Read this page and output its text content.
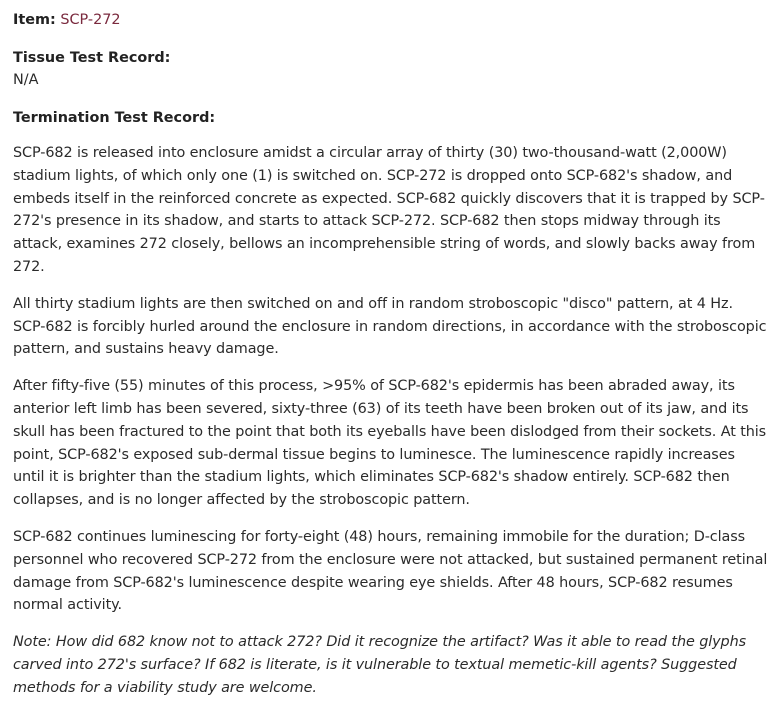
Item: SCP-272

Tissue Test Record:

N/A

Termination Test Record:

SCP-682 is released into enclosure amidst a circular array of thirty (30) two-thousand-watt (2,000W) stadium lights, of which only one (1) is switched on. SCP-272 is dropped onto SCP-682's shadow, and embeds itself in the reinforced concrete as expected. SCP-682 quickly discovers that it is trapped by SCP-272's presence in its shadow, and starts to attack SCP-272. SCP-682 then stops midway through its attack, examines 272 closely, bellows an incomprehensible string of words, and slowly backs away from 272.

All thirty stadium lights are then switched on and off in random stroboscopic "disco" pattern, at 4 Hz. SCP-682 is forcibly hurled around the enclosure in random directions, in accordance with the stroboscopic pattern, and sustains heavy damage.

After fifty-five (55) minutes of this process, >95% of SCP-682's epidermis has been abraded away, its anterior left limb has been severed, sixty-three (63) of its teeth have been broken out of its jaw, and its skull has been fractured to the point that both its eyeballs have been dislodged from their sockets. At this point, SCP-682's exposed sub-dermal tissue begins to luminesce. The luminescence rapidly increases until it is brighter than the stadium lights, which eliminates SCP-682's shadow entirely. SCP-682 then collapses, and is no longer affected by the stroboscopic pattern.

SCP-682 continues luminescing for forty-eight (48) hours, remaining immobile for the duration; D-class personnel who recovered SCP-272 from the enclosure were not attacked, but sustained permanent retinal damage from SCP-682's luminescence despite wearing eye shields. After 48 hours, SCP-682 resumes normal activity.

Note: How did 682 know not to attack 272? Did it recognize the artifact? Was it able to read the glyphs carved into 272's surface? If 682 is literate, is it vulnerable to textual memetic-kill agents? Suggested methods for a viability study are welcome.
